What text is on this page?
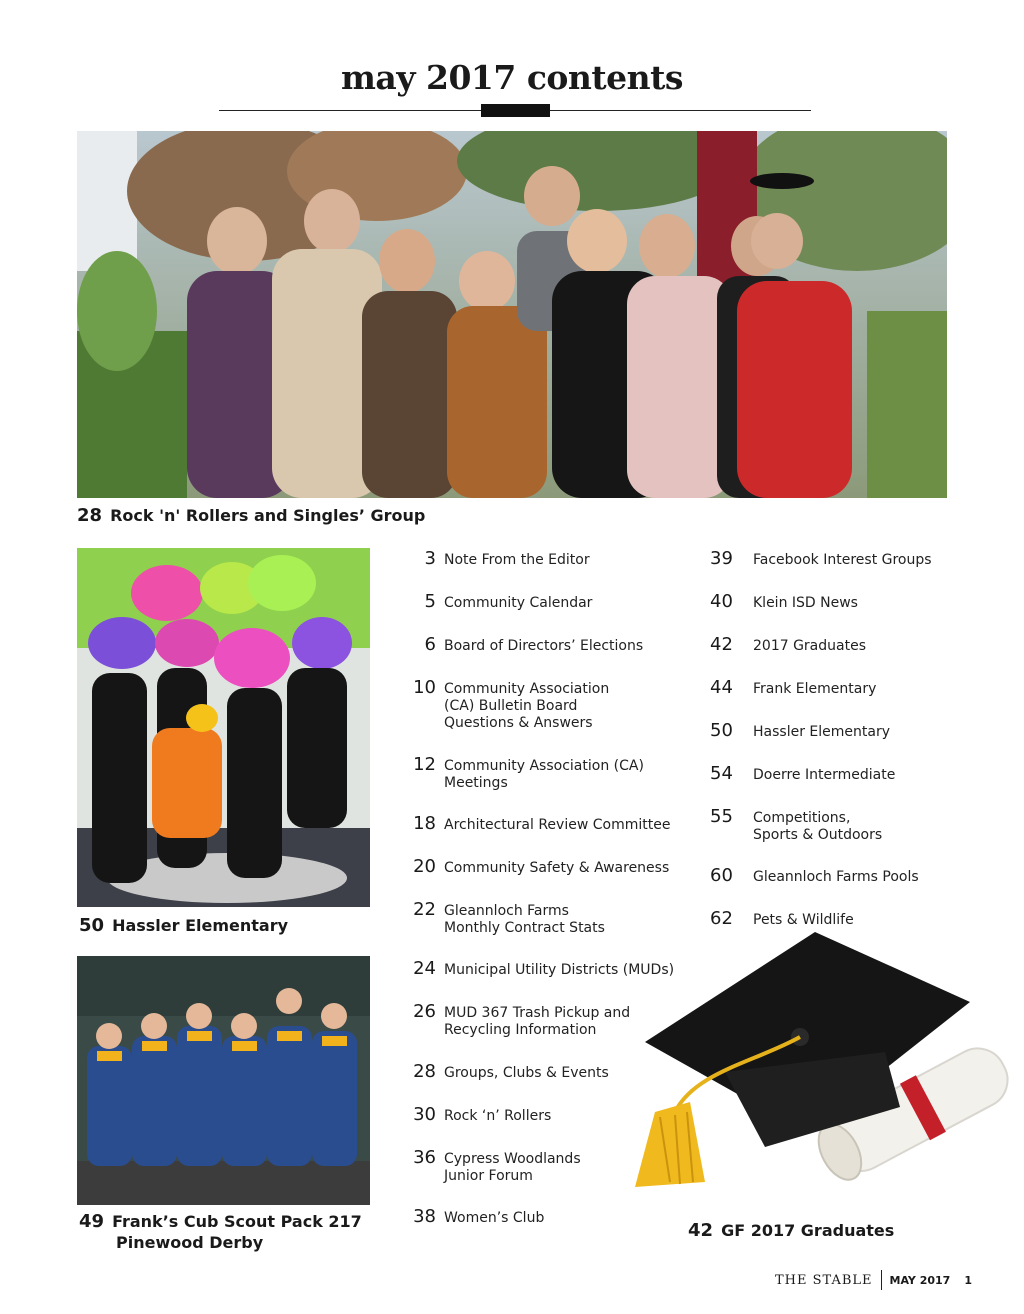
may 2017 contents
28 Rock 'n' Rollers and Singles’ Group
50 Hassler Elementary
49 Frank’s Cub Scout Pack 217
Pinewood Derby
42 GF 2017 Graduates
3 Note From the Editor
5 Community Calendar
6 Board of Directors’ Elections
10 Community Association
(CA) Bulletin Board
Questions & Answers
12 Community Association (CA)
Meetings
18 Architectural Review Committee
20 Community Safety & Awareness
22 Gleannloch Farms
Monthly Contract Stats
24 Municipal Utility Districts (MUDs)
26 MUD 367 Trash Pickup and
Recycling Information
28 Groups, Clubs & Events
30 Rock ‘n’ Rollers
36 Cypress Woodlands
Junior Forum
38 Women’s Club
39	Facebook Interest Groups
40	Klein ISD News
42	2017 Graduates
44	Frank Elementary
50	Hassler Elementary
54	Doerre Intermediate
55	Competitions,
Sports & Outdoors
60	Gleannloch Farms Pools
62	Pets & Wildlife
THE STABLE MAY 2017 1
